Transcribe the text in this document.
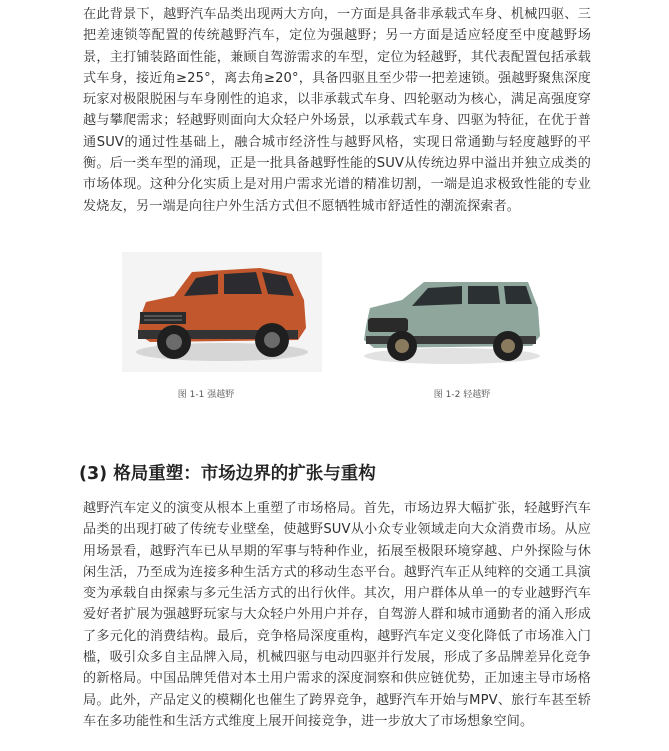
在此背景下，越野汽车品类出现两大方向，一方面是具备非承载式车身、机械四驱、三把差速锁等配置的传统越野汽车，定位为强越野；另一方面是适应轻度至中度越野场景，主打铺装路面性能，兼顾自驾游需求的车型，定位为轻越野，其代表配置包括承载式车身，接近角≥25°，离去角≥20°，具备四驱且至少带一把差速锁。强越野聚焦深度玩家对极限脱困与车身刚性的追求，以非承载式车身、四轮驱动为核心，满足高强度穿越与攀爬需求；轻越野则面向大众轻户外场景，以承载式车身、四驱为特征，在优于普通SUV的通过性基础上，融合城市经济性与越野风格，实现日常通勤与轻度越野的平衡。后一类车型的涌现，正是一批具备越野性能的SUV从传统边界中溢出并独立成类的市场体现。这种分化实质上是对用户需求光谱的精准切割，一端是追求极致性能的专业发烧友，另一端是向往户外生活方式但不愿牺牲城市舒适性的潮流探索者。

图 1-1 强越野	图 1-2 轻越野
(3) 格局重塑：市场边界的扩张与重构

越野汽车定义的演变从根本上重塑了市场格局。首先，市场边界大幅扩张，轻越野汽车品类的出现打破了传统专业壁垒，使越野SUV从小众专业领域走向大众消费市场。从应用场景看，越野汽车已从早期的军事与特种作业，拓展至极限环境穿越、户外探险与休闲生活，乃至成为连接多种生活方式的移动生态平台。越野汽车正从纯粹的交通工具演变为承载自由探索与多元生活方式的出行伙伴。其次，用户群体从单一的专业越野汽车爱好者扩展为强越野玩家与大众轻户外用户并存，自驾游人群和城市通勤者的涌入形成了多元化的消费结构。最后，竞争格局深度重构，越野汽车定义变化降低了市场准入门槛，吸引众多自主品牌入局，机械四驱与电动四驱并行发展，形成了多品牌差异化竞争的新格局。中国品牌凭借对本土用户需求的深度洞察和供应链优势，正加速主导市场格局。此外，产品定义的模糊化也催生了跨界竞争，越野汽车开始与MPV、旅行车甚至轿车在多功能性和生活方式维度上展开间接竞争，进一步放大了市场想象空间。
